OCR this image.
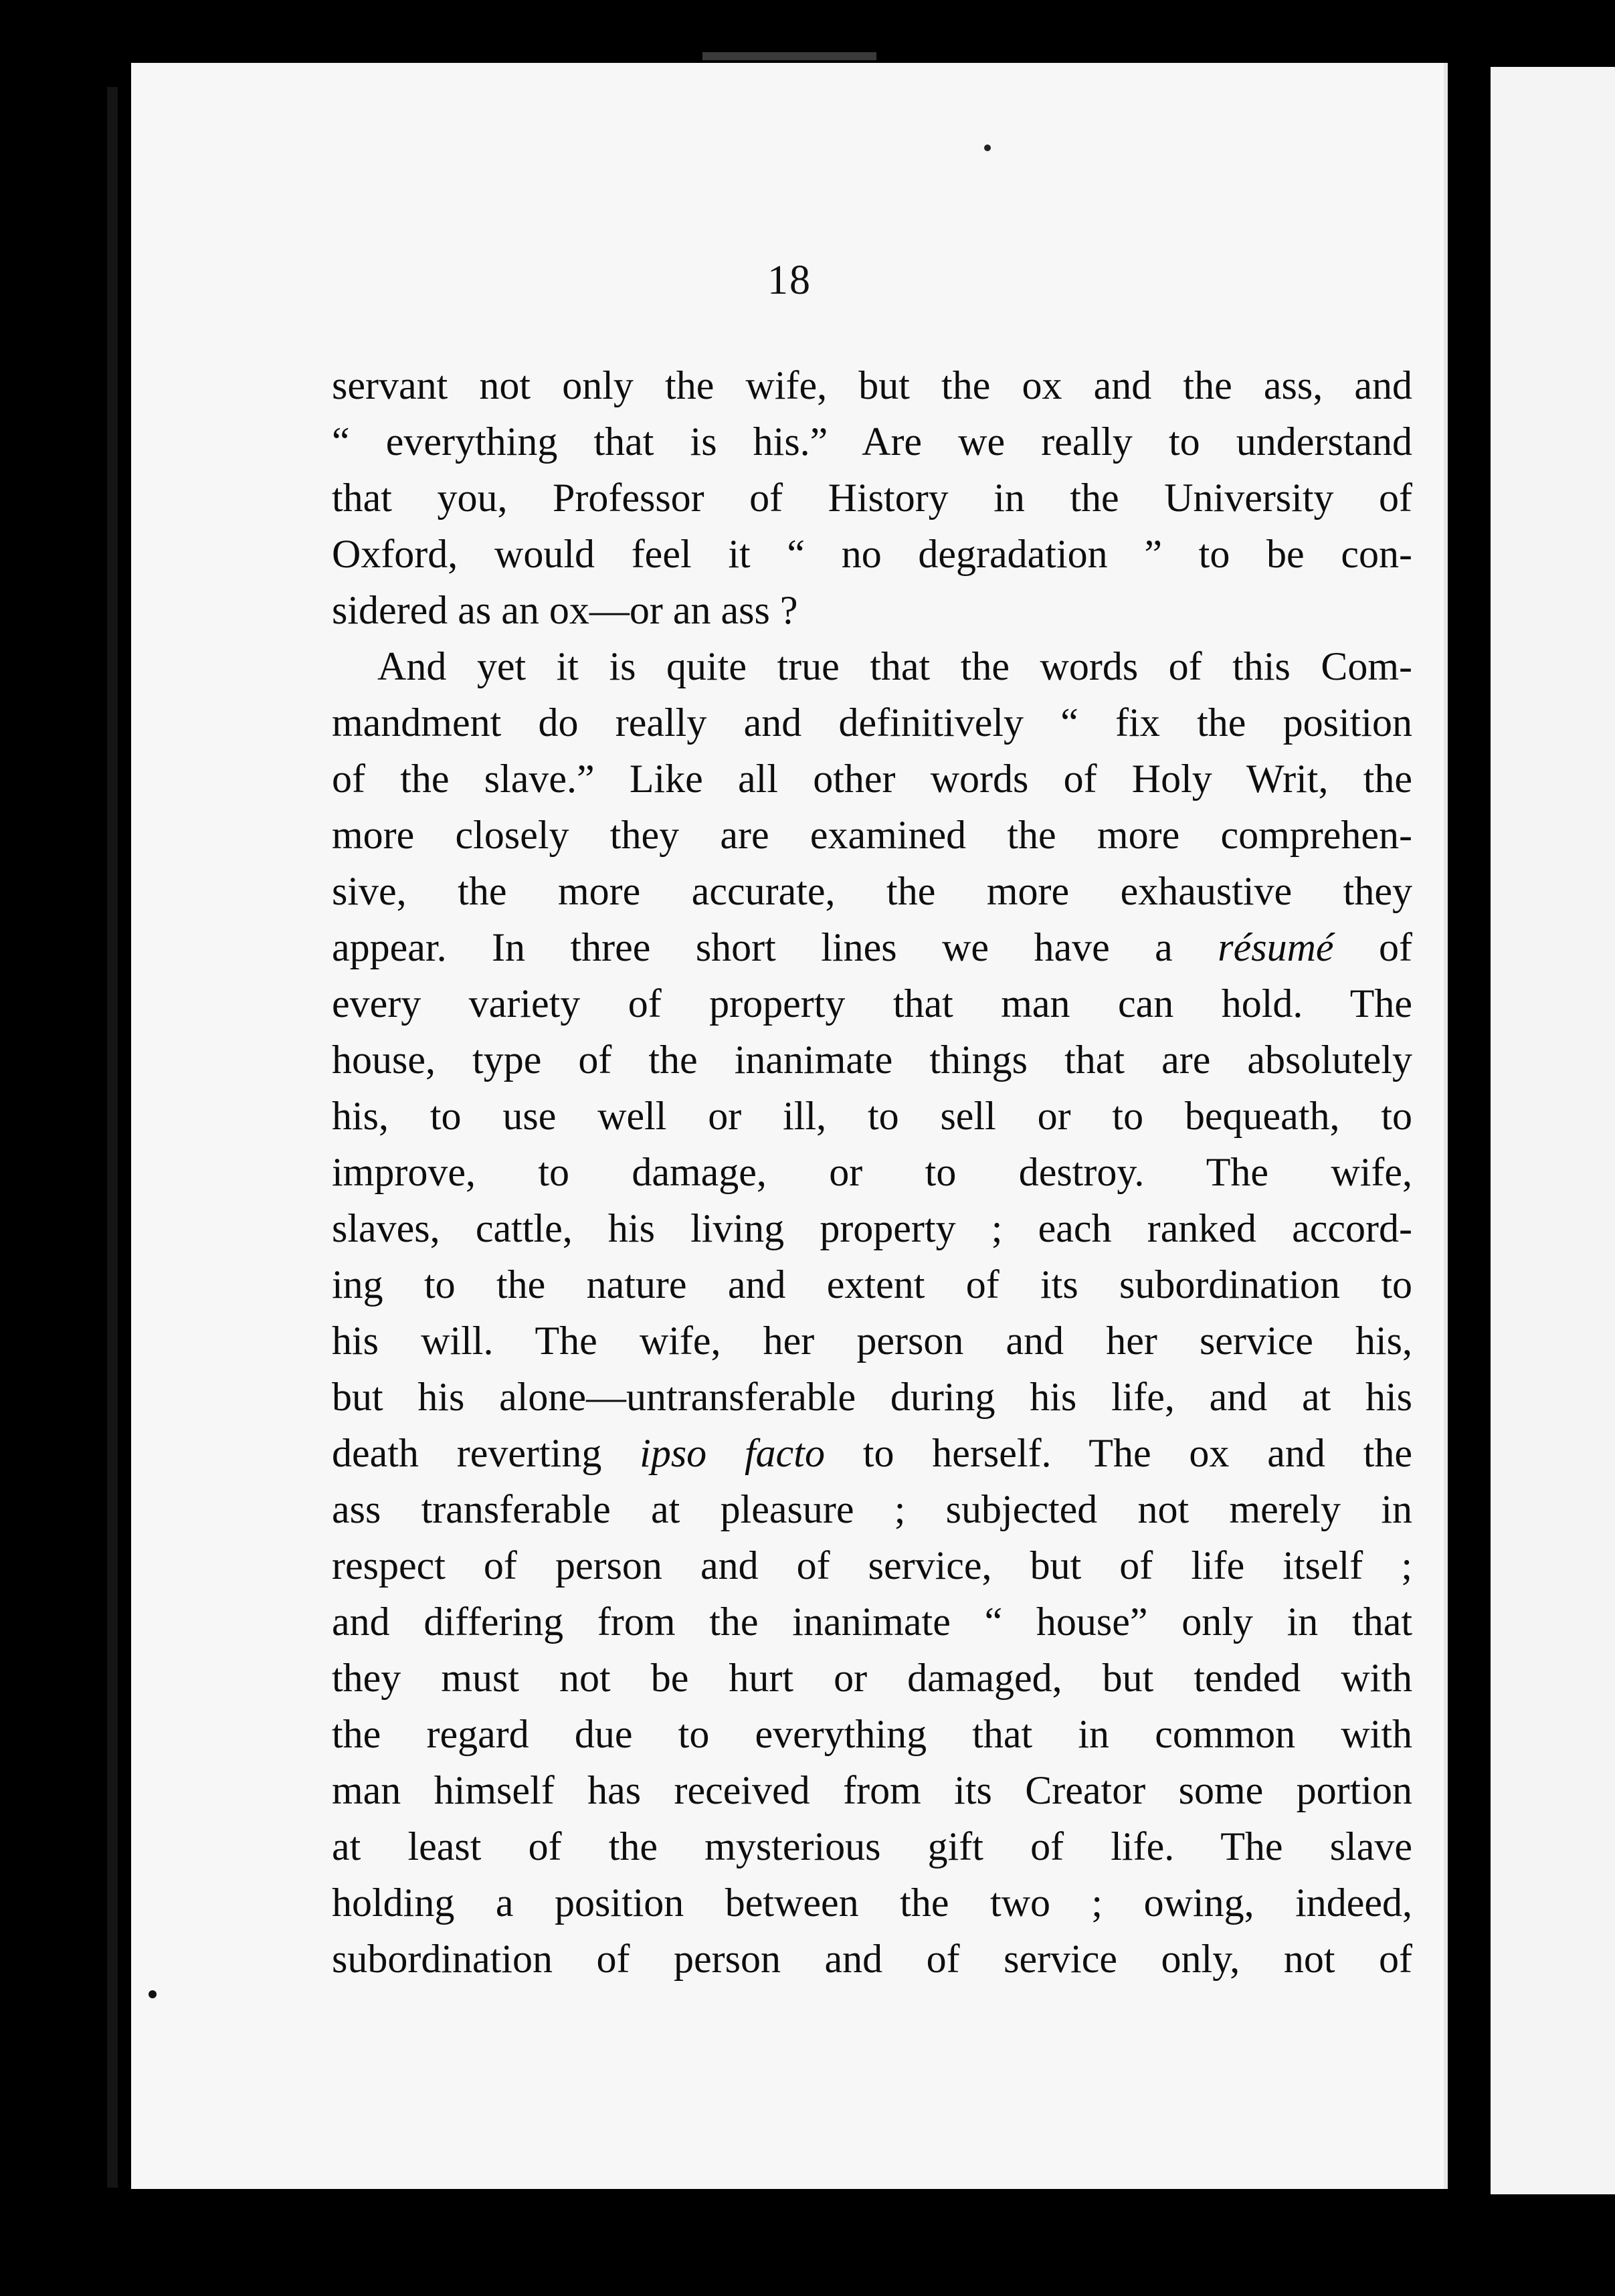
18
servant not only the wife, but the ox and the ass, and
“ everything that is his.” Are we really to understand
that you, Professor of History in the University of
Oxford, would feel it “ no degradation ” to be con-
sidered as an ox—or an ass ?
And yet it is quite true that the words of this Com-
mandment do really and definitively “ fix the position
of the slave.” Like all other words of Holy Writ, the
more closely they are examined the more comprehen-
sive, the more accurate, the more exhaustive they
appear. In three short lines we have a résumé of
every variety of property that man can hold. The
house, type of the inanimate things that are absolutely
his, to use well or ill, to sell or to bequeath, to
improve, to damage, or to destroy. The wife,
slaves, cattle, his living property ; each ranked accord-
ing to the nature and extent of its subordination to
his will. The wife, her person and her service his,
but his alone—untransferable during his life, and at his
death reverting ipso facto to herself. The ox and the
ass transferable at pleasure ; subjected not merely in
respect of person and of service, but of life itself ;
and differing from the inanimate “ house” only in that
they must not be hurt or damaged, but tended with
the regard due to everything that in common with
man himself has received from its Creator some portion
at least of the mysterious gift of life. The slave
holding a position between the two ; owing, indeed,
subordination of person and of service only, not of
